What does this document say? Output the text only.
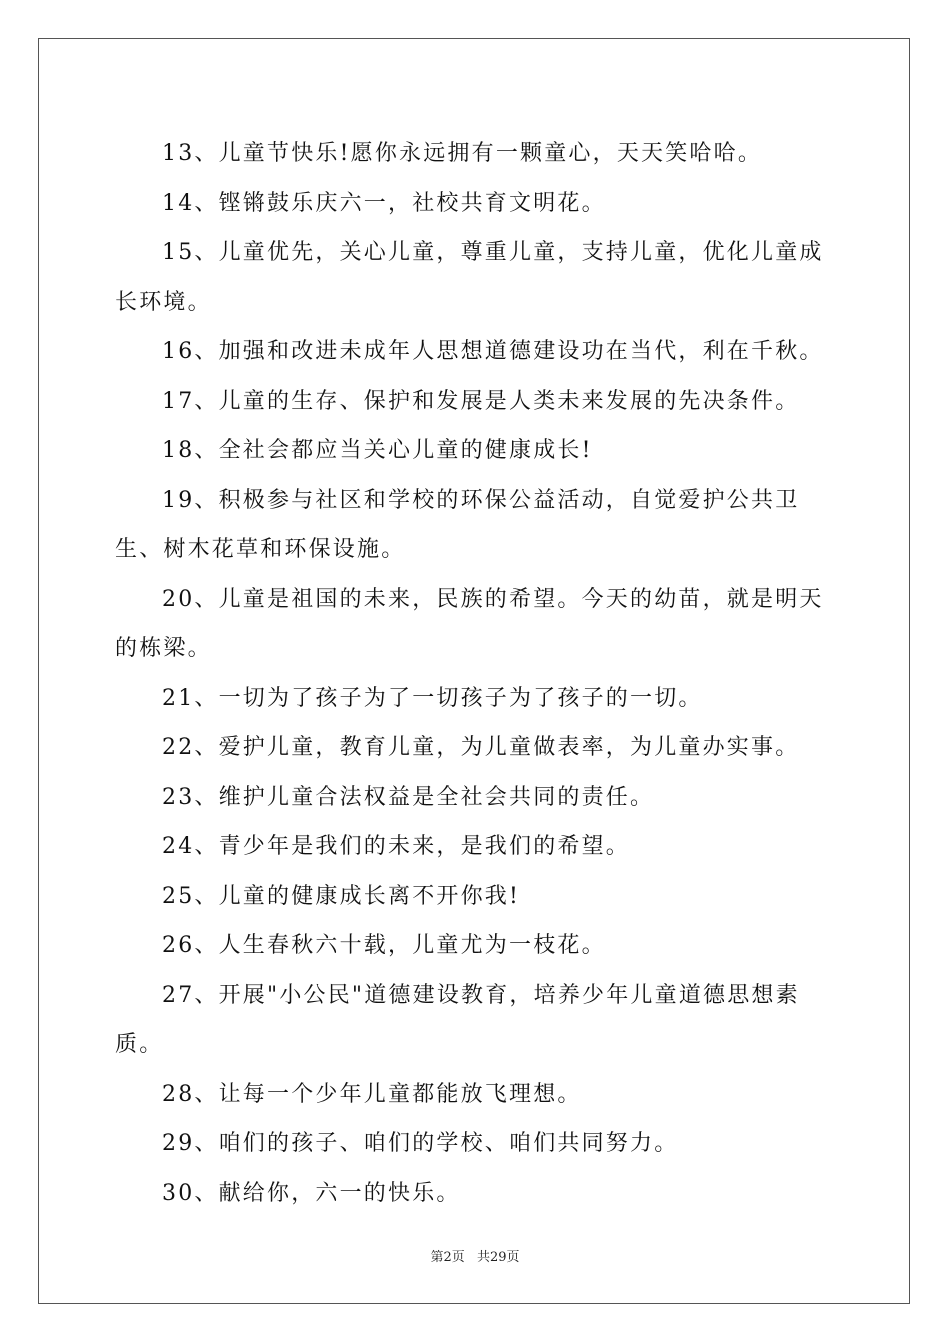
13、儿童节快乐!愿你永远拥有一颗童心，天天笑哈哈。

14、铿锵鼓乐庆六一，社校共育文明花。

15、儿童优先，关心儿童，尊重儿童，支持儿童，优化儿童成长环境。

16、加强和改进未成年人思想道德建设功在当代，利在千秋。

17、儿童的生存、保护和发展是人类未来发展的先决条件。

18、全社会都应当关心儿童的健康成长!

19、积极参与社区和学校的环保公益活动，自觉爱护公共卫生、树木花草和环保设施。

20、儿童是祖国的未来，民族的希望。今天的幼苗，就是明天的栋梁。

21、一切为了孩子为了一切孩子为了孩子的一切。

22、爱护儿童，教育儿童，为儿童做表率，为儿童办实事。

23、维护儿童合法权益是全社会共同的责任。

24、青少年是我们的未来，是我们的希望。

25、儿童的健康成长离不开你我!

26、人生春秋六十载，儿童尤为一枝花。

27、开展"小公民"道德建设教育，培养少年儿童道德思想素质。

28、让每一个少年儿童都能放飞理想。

29、咱们的孩子、咱们的学校、咱们共同努力。

30、献给你，六一的快乐。

第2页 共29页
